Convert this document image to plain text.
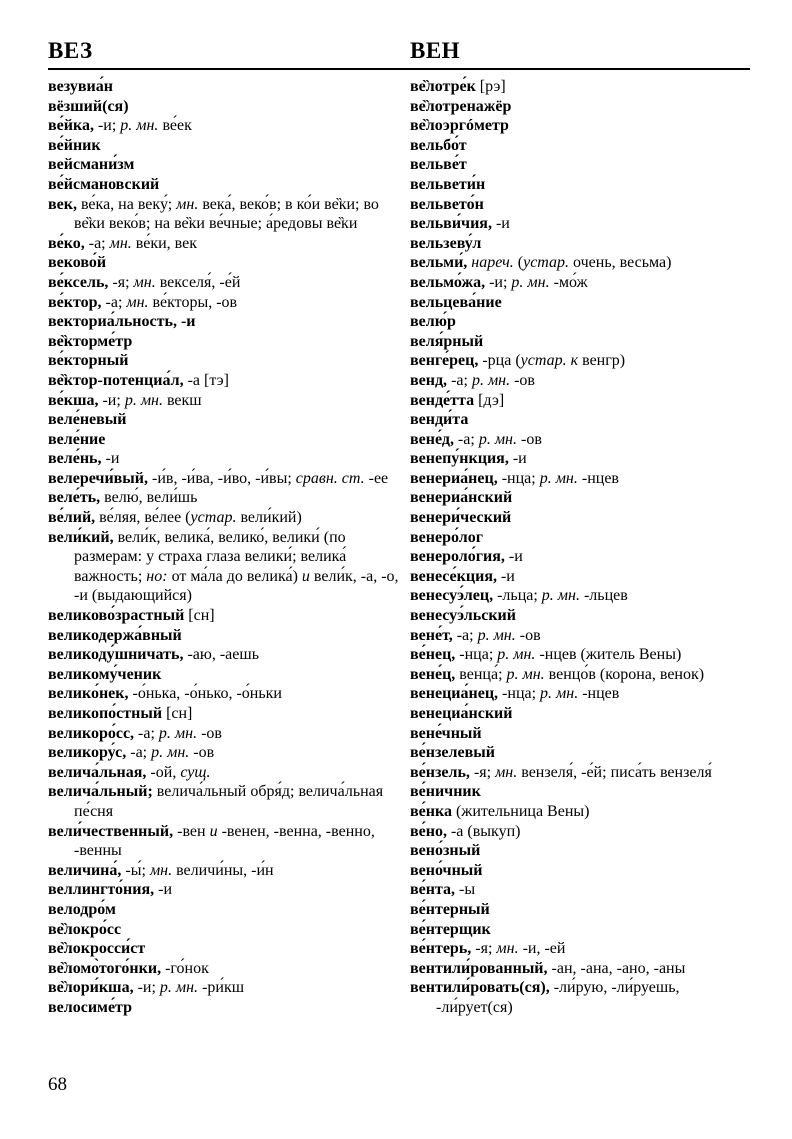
ВЕЗ	ВЕН
везувиа́н
вёзший(ся)
ве́йка, -и; р. мн. ве́ек
ве́йник
вейсмани́зм
ве́йсмановский
век, ве́ка, на веку́; мн. века́, веко́в; в ко́и ве̏ки; во ве̏ки веко́в; на ве̏ки ве́чные; а́редовы ве̏ки
ве́ко, -а; мн. ве́ки, век
веково́й
ве́ксель, -я; мн. векселя́, -е́й
ве́ктор, -а; мн. ве́кторы, -ов
векториа́льность, -и
ве̏кторме́тр
ве́кторный
ве̏ктор-потенциа́л, -а [тэ]
ве́кша, -и; р. мн. векш
веле́невый
веле́ние
веле́нь, -и
велеречи́вый, -и́в, -и́ва, -и́во, -и́вы; сравн. ст. -ее
веле́ть, велю́, вели́шь
ве́лий, ве́ляя, ве́лее (устар. вели́кий)
вели́кий, вели́к, велика́, велико́, велики́ (по размерам: у страха глаза велики́; велика́ важность; но: от ма́ла до велика́) и вели́к, -а, -о, -и (выдающийся)
великово́зрастный [сн]
великодержа́вный
великоду́шничать, -аю, -аешь
великому́ченик
велико́нек, -о́нька, -о́нько, -о́ньки
великопо́стный [сн]
великоро́сс, -а; р. мн. -ов
великору́с, -а; р. мн. -ов
велича́льная, -ой, сущ.
велича́льный; велича́льный обря́д; велича́льная пе́сня
вели́чественный, -вен и -венен, -венна, -венно, -венны
величина́, -ы́; мн. величи́ны, -и́н
веллингто́ния, -и
велодро́м
ве̏локро́сс
ве̏локросси́ст
ве̏ломо̀того́нки, -го́нок
ве̏лори́кша, -и; р. мн. -ри́кш
велосиме́тр
ве̏лотре́к [рэ]
ве̏лотренажёр
ве̏лоэргóметр
вельбо́т
вельве́т
вельвети́н
вельвето́н
вельви́чия, -и
вельзеву́л
вельми́, нареч. (устар. очень, весьма)
вельмо́жа, -и; р. мн. -мо́ж
вельцева́ние
велю́р
веля́рный
венге́рец, -рца (устар. к венгр)
венд, -а; р. мн. -ов
венде́тта [дэ]
венди́та
вене́д, -а; р. мн. -ов
венепу́нкция, -и
венериа́нец, -нца; р. мн. -нцев
венериа́нский
венери́ческий
венеро́лог
венероло́гия, -и
венесе́кция, -и
венесуэ́лец, -льца; р. мн. -льцев
венесуэ́льский
вене́т, -а; р. мн. -ов
ве́нец, -нца; р. мн. -нцев (житель Вены)
вене́ц, венца́; р. мн. венцо́в (корона, венок)
венециа́нец, -нца; р. мн. -нцев
венециа́нский
вене́чный
ве́нзелевый
ве́нзель, -я; мн. вензеля́, -е́й; писа́ть вензеля́
ве́ничник
ве́нка (жительница Вены)
ве́но, -а (выкуп)
вено́зный
вено́чный
ве́нта, -ы
ве́нтерный
ве́нтерщик
ве́нтерь, -я; мн. -и, -ей
вентили́рованный, -ан, -ана, -ано, -аны
вентили́ровать(ся), -ли́рую, -ли́руешь, -ли́рует(ся)
68
